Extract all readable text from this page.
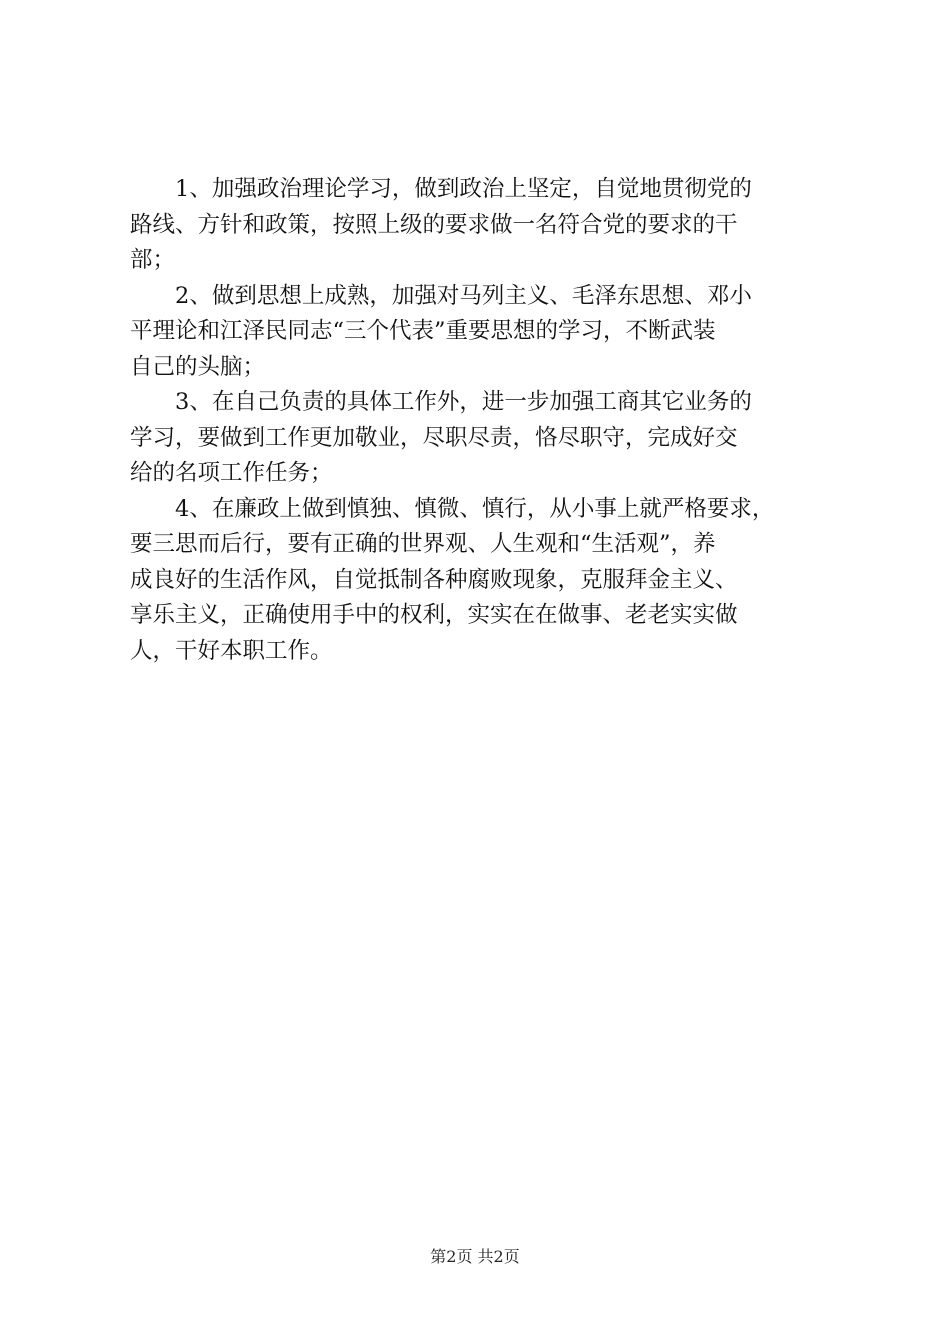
1、加强政治理论学习，做到政治上坚定，自觉地贯彻党的
路线、方针和政策，按照上级的要求做一名符合党的要求的干
部；
2、做到思想上成熟，加强对马列主义、毛泽东思想、邓小
平理论和江泽民同志“三个代表”重要思想的学习，不断武装
自己的头脑；
3、在自己负责的具体工作外，进一步加强工商其它业务的
学习，要做到工作更加敬业，尽职尽责，恪尽职守，完成好交
给的名项工作任务；
4、在廉政上做到慎独、慎微、慎行，从小事上就严格要求，
要三思而后行，要有正确的世界观、人生观和“生活观”，养
成良好的生活作风，自觉抵制各种腐败现象，克服拜金主义、
享乐主义，正确使用手中的权利，实实在在做事、老老实实做
人，干好本职工作。
第2页 共2页
